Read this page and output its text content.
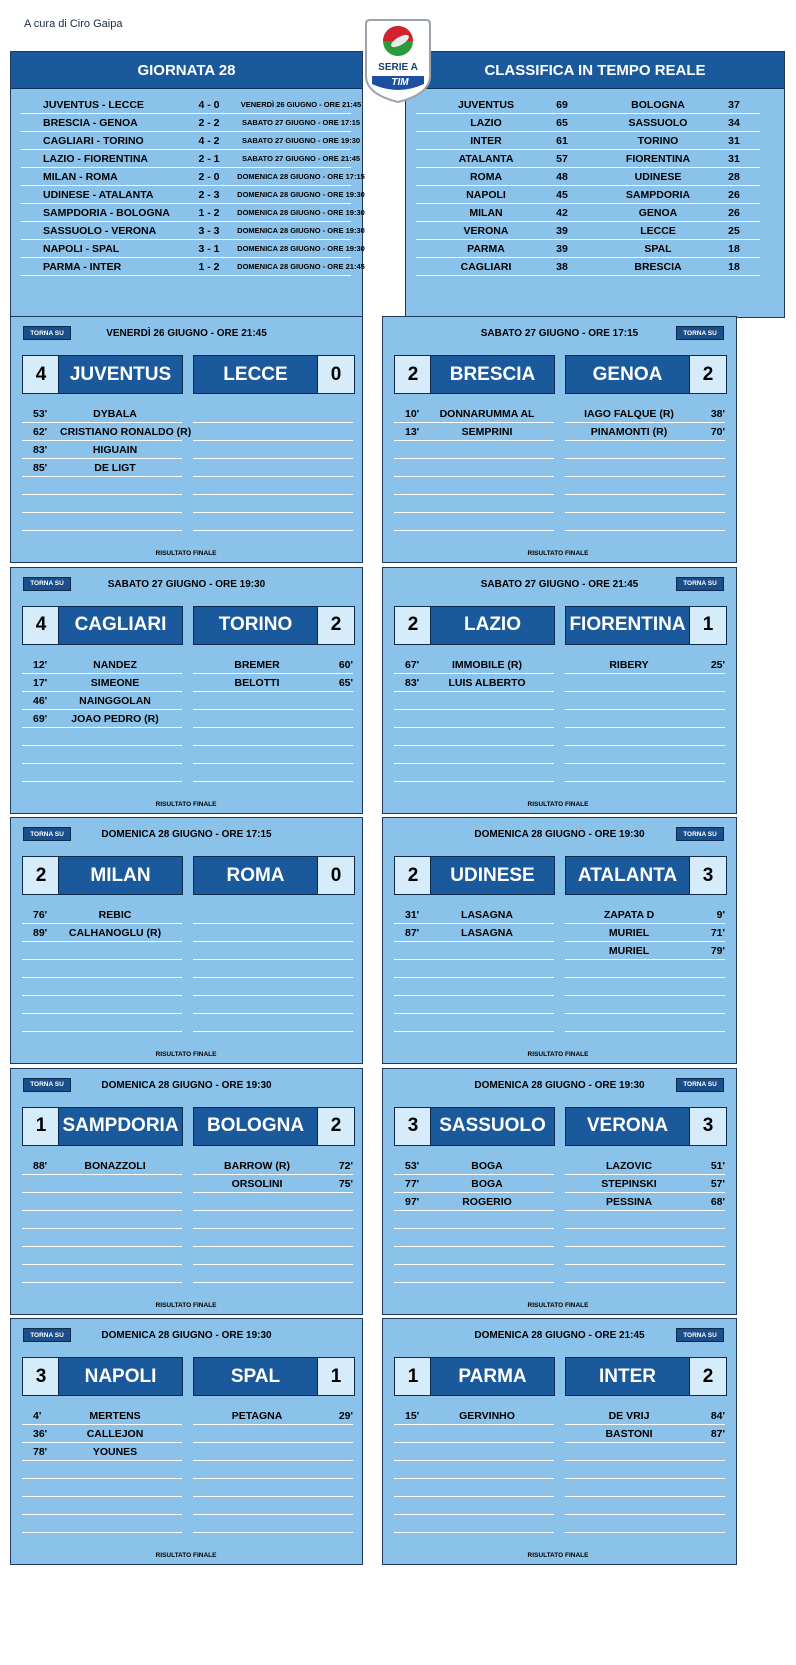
A cura di Ciro Gaipa
SERIE A
TIM
GIORNATA 28
JUVENTUS - LECCE	4 - 0	VENERDÌ 26 GIUGNO - ORE 21:45
BRESCIA - GENOA	2 - 2	SABATO 27 GIUGNO - ORE 17:15
CAGLIARI - TORINO	4 - 2	SABATO 27 GIUGNO - ORE 19:30
LAZIO - FIORENTINA	2 - 1	SABATO 27 GIUGNO - ORE 21:45
MILAN - ROMA	2 - 0	DOMENICA 28 GIUGNO - ORE 17:15
UDINESE - ATALANTA	2 - 3	DOMENICA 28 GIUGNO - ORE 19:30
SAMPDORIA - BOLOGNA	1 - 2	DOMENICA 28 GIUGNO - ORE 19:30
SASSUOLO - VERONA	3 - 3	DOMENICA 28 GIUGNO - ORE 19:30
NAPOLI - SPAL	3 - 1	DOMENICA 28 GIUGNO - ORE 19:30
PARMA - INTER	1 - 2	DOMENICA 28 GIUGNO - ORE 21:45
CLASSIFICA IN TEMPO REALE
JUVENTUS	69
LAZIO	65
INTER	61
ATALANTA	57
ROMA	48
NAPOLI	45
MILAN	42
VERONA	39
PARMA	39
CAGLIARI	38
BOLOGNA	37
SASSUOLO	34
TORINO	31
FIORENTINA	31
UDINESE	28
SAMPDORIA	26
GENOA	26
LECCE	25
SPAL	18
BRESCIA	18
TORNA SU	VENERDÌ 26 GIUGNO - ORE 21:45
4	JUVENTUS	LECCE	0
53'	DYBALA
62' CRISTIANO RONALDO (R)
83'	HIGUAIN
85'	DE LIGT
RISULTATO FINALE
TORNA SU
SABATO 27 GIUGNO - ORE 17:15
2	BRESCIA	GENOA	2
10'	DONNARUMMA AL	IAGO FALQUE (R)	38'
13'	SEMPRINI	PINAMONTI (R)	70'
RISULTATO FINALE
TORNA SU	SABATO 27 GIUGNO - ORE 19:30
4	CAGLIARI	TORINO	2
12'	NANDEZ	BREMER	60'
17'	SIMEONE	BELOTTI	65'
46'	NAINGGOLAN
69'	JOAO PEDRO (R)
RISULTATO FINALE
TORNA SU
SABATO 27 GIUGNO - ORE 21:45
2	LAZIO	FIORENTINA 1
67'	IMMOBILE (R)	RIBERY	25'
83'	LUIS ALBERTO
RISULTATO FINALE
TORNA SU	DOMENICA 28 GIUGNO - ORE 17:15
2	MILAN	ROMA	0
76'	REBIC
89'	CALHANOGLU (R)
RISULTATO FINALE
TORNA SU
DOMENICA 28 GIUGNO - ORE 19:30
2	UDINESE	ATALANTA	3
31'	LASAGNA	ZAPATA D	9'
87'	LASAGNA	MURIEL	71'
MURIEL	79'
RISULTATO FINALE
TORNA SU	DOMENICA 28 GIUGNO - ORE 19:30
1 SAMPDORIA	BOLOGNA	2
88'	BONAZZOLI	BARROW (R)	72'
ORSOLINI	75'
RISULTATO FINALE
TORNA SU
DOMENICA 28 GIUGNO - ORE 19:30
3	SASSUOLO	VERONA	3
53'	BOGA	LAZOVIC	51'
77'	BOGA	STEPINSKI	57'
97'	ROGERIO	PESSINA	68'
RISULTATO FINALE
TORNA SU	DOMENICA 28 GIUGNO - ORE 19:30
3	NAPOLI	SPAL	1
4'	MERTENS	PETAGNA	29'
36'	CALLEJON
78'	YOUNES
RISULTATO FINALE
TORNA SU
DOMENICA 28 GIUGNO - ORE 21:45
1	PARMA	INTER	2
15'	GERVINHO	DE VRIJ	84'
BASTONI	87'
RISULTATO FINALE
